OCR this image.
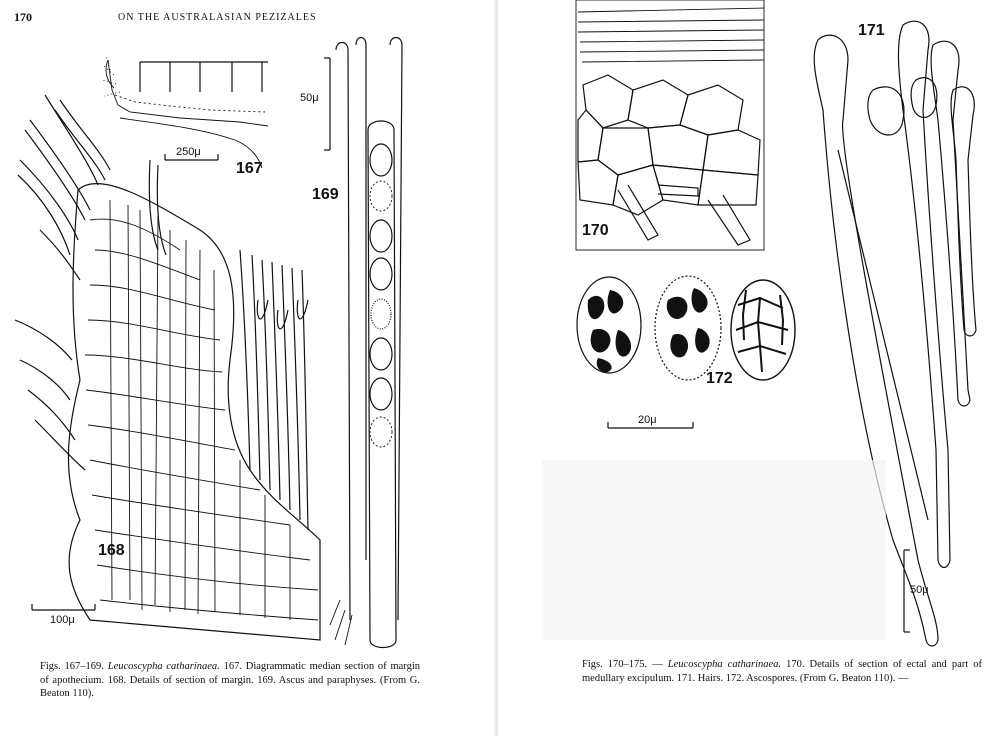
170	ON THE AUSTRALASIAN PEZIZALES
167
168
169
250μ
100μ
50μ
Figs. 167–169. Leucoscypha catharinaea. 167. Diagrammatic median section of margin of apothecium. 168. Details of section of margin. 169. Ascus and paraphyses. (From G. Beaton 110).
170
171
172
20μ
50μ
Figs. 170–175. — Leucoscypha catharinaea. 170. Details of section of ectal and part of medullary excipulum. 171. Hairs. 172. Ascospores. (From G. Beaton 110). —
